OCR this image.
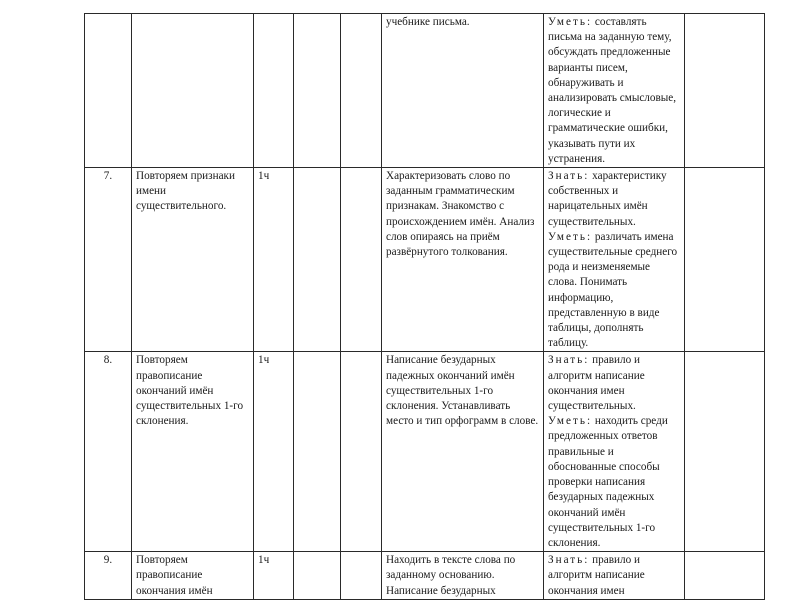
					учебнике письма.	Уметь: составлять письма на заданную тему, обсуждать предложенные варианты писем, обнаруживать и анализировать смысловые, логические и грамматические ошибки, указывать пути их устранения.	

7.	Повторяем признаки имени существительного.	1ч			Характеризовать слово по заданным грамматическим признакам. Знакомство с происхождением имён. Анализ слов опираясь на приём развёрнутого толкования.	Знать: характеристику собственных и нарицательных имён существительных.
Уметь: различать имена существительные среднего рода и неизменяемые слова. Понимать информацию, представленную в виде таблицы, дополнять таблицу.	

8.	Повторяем правописание окончаний имён существительных 1-го склонения.	1ч			Написание безударных падежных окончаний имён существительных 1-го склонения. Устанавливать место и тип орфограмм в слове.	Знать: правило и алгоритм написание окончания имен существительных.
Уметь: находить среди предложенных ответов правильные и обоснованные способы проверки написания безударных падежных окончаний имён существительных 1-го склонения.	

9.	Повторяем правописание окончания имён	1ч			Находить в тексте слова по заданному основанию. Написание безударных	Знать: правило и алгоритм написание окончания имен	
